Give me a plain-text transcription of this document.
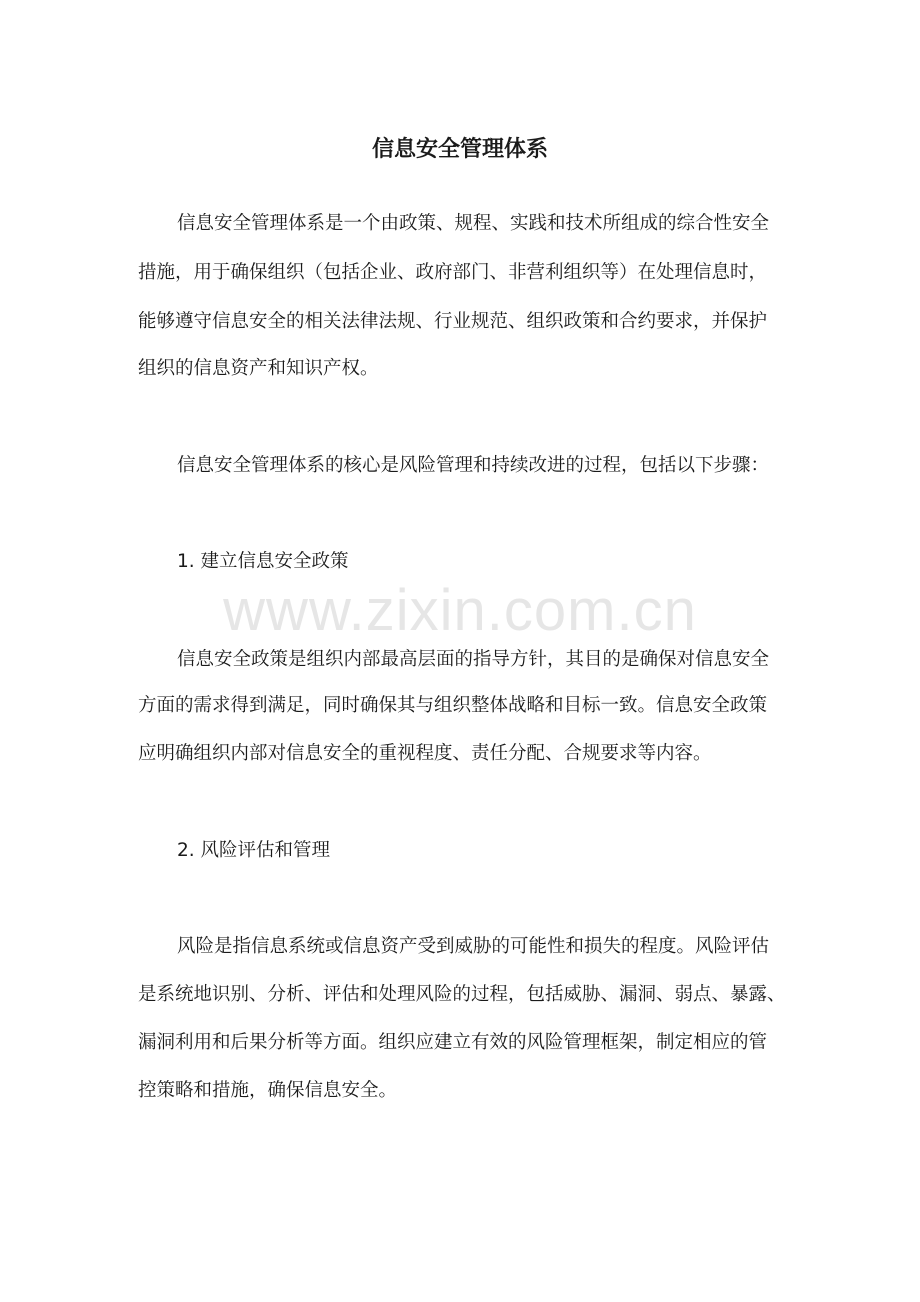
信息安全管理体系
信息安全管理体系是一个由政策、规程、实践和技术所组成的综合性安全
措施，用于确保组织（包括企业、政府部门、非营利组织等）在处理信息时，
能够遵守信息安全的相关法律法规、行业规范、组织政策和合约要求，并保护
组织的信息资产和知识产权。
信息安全管理体系的核心是风险管理和持续改进的过程，包括以下步骤：
1. 建立信息安全政策
www.zixin.com.cn
信息安全政策是组织内部最高层面的指导方针，其目的是确保对信息安全
方面的需求得到满足，同时确保其与组织整体战略和目标一致。信息安全政策
应明确组织内部对信息安全的重视程度、责任分配、合规要求等内容。
2. 风险评估和管理
风险是指信息系统或信息资产受到威胁的可能性和损失的程度。风险评估
是系统地识别、分析、评估和处理风险的过程，包括威胁、漏洞、弱点、暴露、
漏洞利用和后果分析等方面。组织应建立有效的风险管理框架，制定相应的管
控策略和措施，确保信息安全。
